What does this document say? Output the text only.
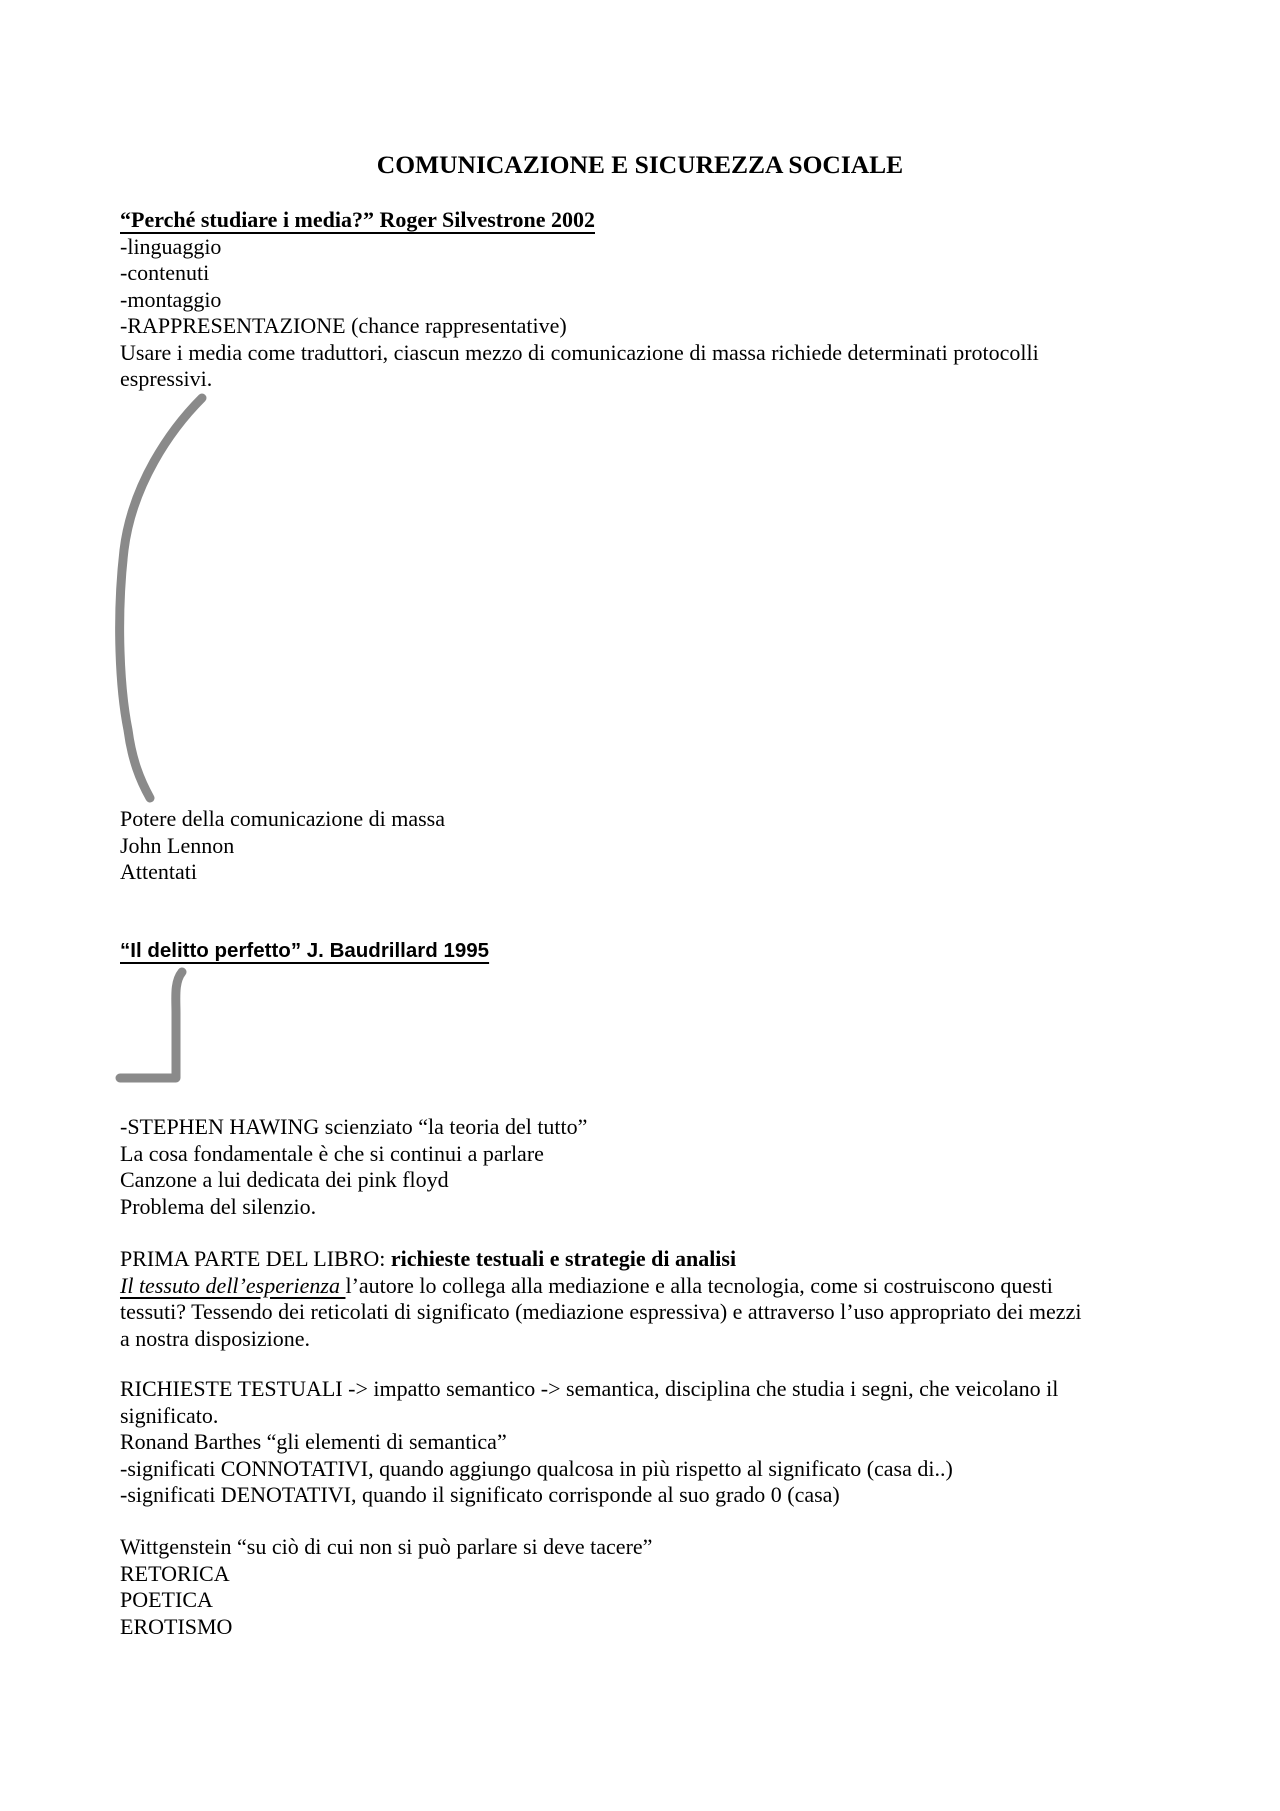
COMUNICAZIONE E SICUREZZA SOCIALE
“Perché studiare i media?” Roger Silvestrone 2002
-linguaggio
-contenuti
-montaggio
-RAPPRESENTAZIONE (chance rappresentative)
Usare i media come traduttori, ciascun mezzo di comunicazione di massa richiede determinati protocolli
espressivi.
Potere della comunicazione di massa
John Lennon
Attentati
“Il delitto perfetto” J. Baudrillard 1995
-STEPHEN HAWING scienziato “la teoria del tutto”
La cosa fondamentale è che si continui a parlare
Canzone a lui dedicata dei pink floyd
Problema del silenzio.
PRIMA PARTE DEL LIBRO: richieste testuali e strategie di analisi
Il tessuto dell’esperienza l’autore lo collega alla mediazione e alla tecnologia, come si costruiscono questi
tessuti? Tessendo dei reticolati di significato (mediazione espressiva) e attraverso l’uso appropriato dei mezzi
a nostra disposizione.
RICHIESTE TESTUALI -> impatto semantico -> semantica, disciplina che studia i segni, che veicolano il
significato.
Ronand Barthes “gli elementi di semantica”
-significati CONNOTATIVI, quando aggiungo qualcosa in più rispetto al significato (casa di..)
-significati DENOTATIVI, quando il significato corrisponde al suo grado 0 (casa)
Wittgenstein “su ciò di cui non si può parlare si deve tacere”
RETORICA
POETICA
EROTISMO
